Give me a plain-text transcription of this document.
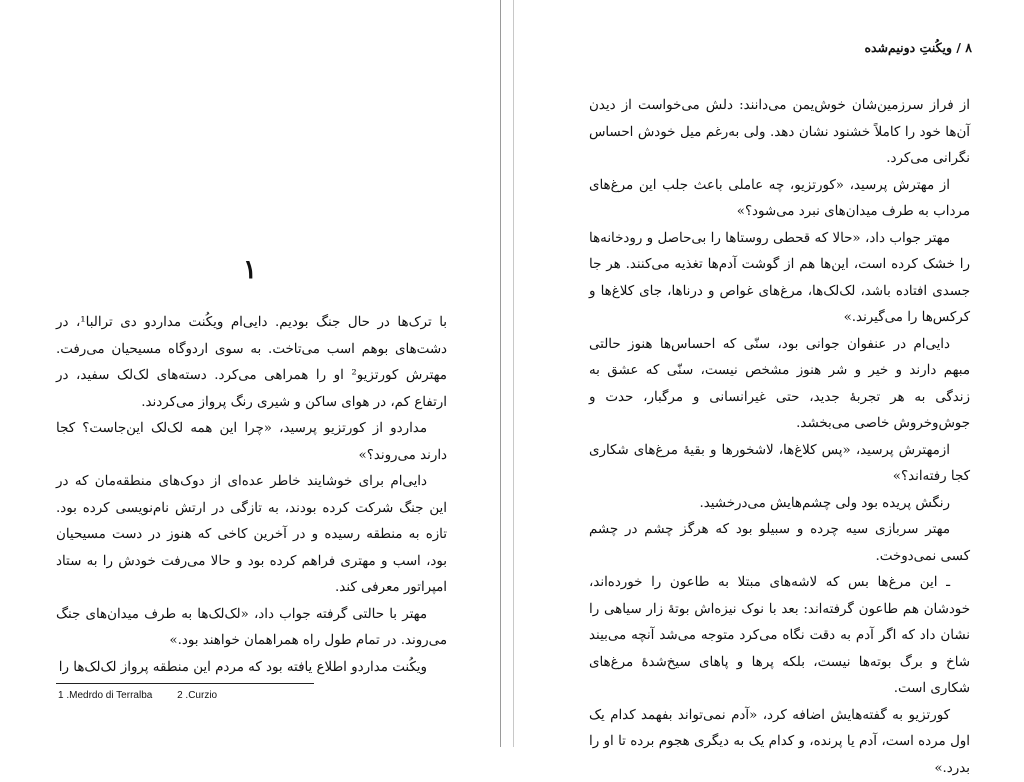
۱

با ترک‌ها در حال جنگ بودیم. دایی‌ام ویکُنت مداردو دی ترالبا¹، در دشت‌های بوهم اسب می‌تاخت. به سوی اردوگاه مسیحیان می‌رفت. مهترش کورتزیو² او را همراهی می‌کرد. دسته‌های لک‌لک سفید، در ارتفاع کم، در هوای ساکن و شیری رنگ پرواز می‌کردند.

مداردو از کورتزیو پرسید، «چرا این همه لک‌لک این‌جاست؟ کجا دارند می‌روند؟»

دایی‌ام برای خوشایند خاطر عده‌ای از دوک‌های منطقه‌مان که در این جنگ شرکت کرده بودند، به تازگی در ارتش نام‌نویسی کرده بود. تازه به منطقه رسیده و در آخرین کاخی که هنوز در دست مسیحیان بود، اسب و مهتری فراهم کرده بود و حالا می‌رفت خودش را به ستاد امپراتور معرفی کند.

مهتر با حالتی گرفته جواب داد، «لک‌لک‌ها به طرف میدان‌های جنگ می‌روند. در تمام طول راه همراهمان خواهند بود.»

ویکُنت مداردو اطلاع یافته بود که مردم این منطقه پرواز لک‌لک‌ها را

1 .Medrdo di Terralba 2 .Curzio
۸ / ویکُنتِ دونیم‌شده

از فراز سرزمین‌شان خوش‌یمن می‌دانند: دلش می‌خواست از دیدن آن‌ها خود را کاملاً خشنود نشان دهد. ولی به‌رغم میل خودش احساس نگرانی می‌کرد.

از مهترش پرسید، «کورتزیو، چه عاملی باعث جلب این مرغ‌های مرداب به طرف میدان‌های نبرد می‌شود؟»

مهتر جواب داد، «حالا که قحطی روستاها را بی‌حاصل و رودخانه‌ها را خشک کرده است، این‌ها هم از گوشت آدم‌ها تغذیه می‌کنند. هر جا جسدی افتاده باشد، لک‌لک‌ها، مرغ‌های غواص و درناها، جای کلاغ‌ها و کرکس‌ها را می‌گیرند.»

دایی‌ام در عنفوان جوانی بود، سنّی که احساس‌ها هنوز حالتی مبهم دارند و خیر و شر هنوز مشخص نیست، سنّی که عشق به زندگی به هر تجربهٔ جدید، حتی غیرانسانی و مرگبار، حدت و جوش‌وخروش خاصی می‌بخشد.

ازمهترش پرسید، «پس کلاغ‌ها، لاشخورها و بقیهٔ مرغ‌های شکاری کجا رفته‌اند؟»

رنگش پریده بود ولی چشم‌هایش می‌درخشید.

مهتر سربازی سیه چرده و سبیلو بود که هرگز چشم در چشم کسی نمی‌دوخت.

ـ این مرغ‌ها بس که لاشه‌های مبتلا به طاعون را خورده‌اند، خودشان هم طاعون گرفته‌اند: بعد با نوک نیزه‌اش بوتهٔ زار سیاهی را نشان داد که اگر آدم به دقت نگاه می‌کرد متوجه می‌شد آنچه می‌بیند شاخ و برگ بوته‌ها نیست، بلکه پرها و پاهای سیخ‌شدهٔ مرغ‌های شکاری است.

کورتزیو به گفته‌هایش اضافه کرد، «آدم نمی‌تواند بفهمد کدام یک اول مرده است، آدم یا پرنده، و کدام یک به دیگری هجوم برده تا او را بدرد.»
